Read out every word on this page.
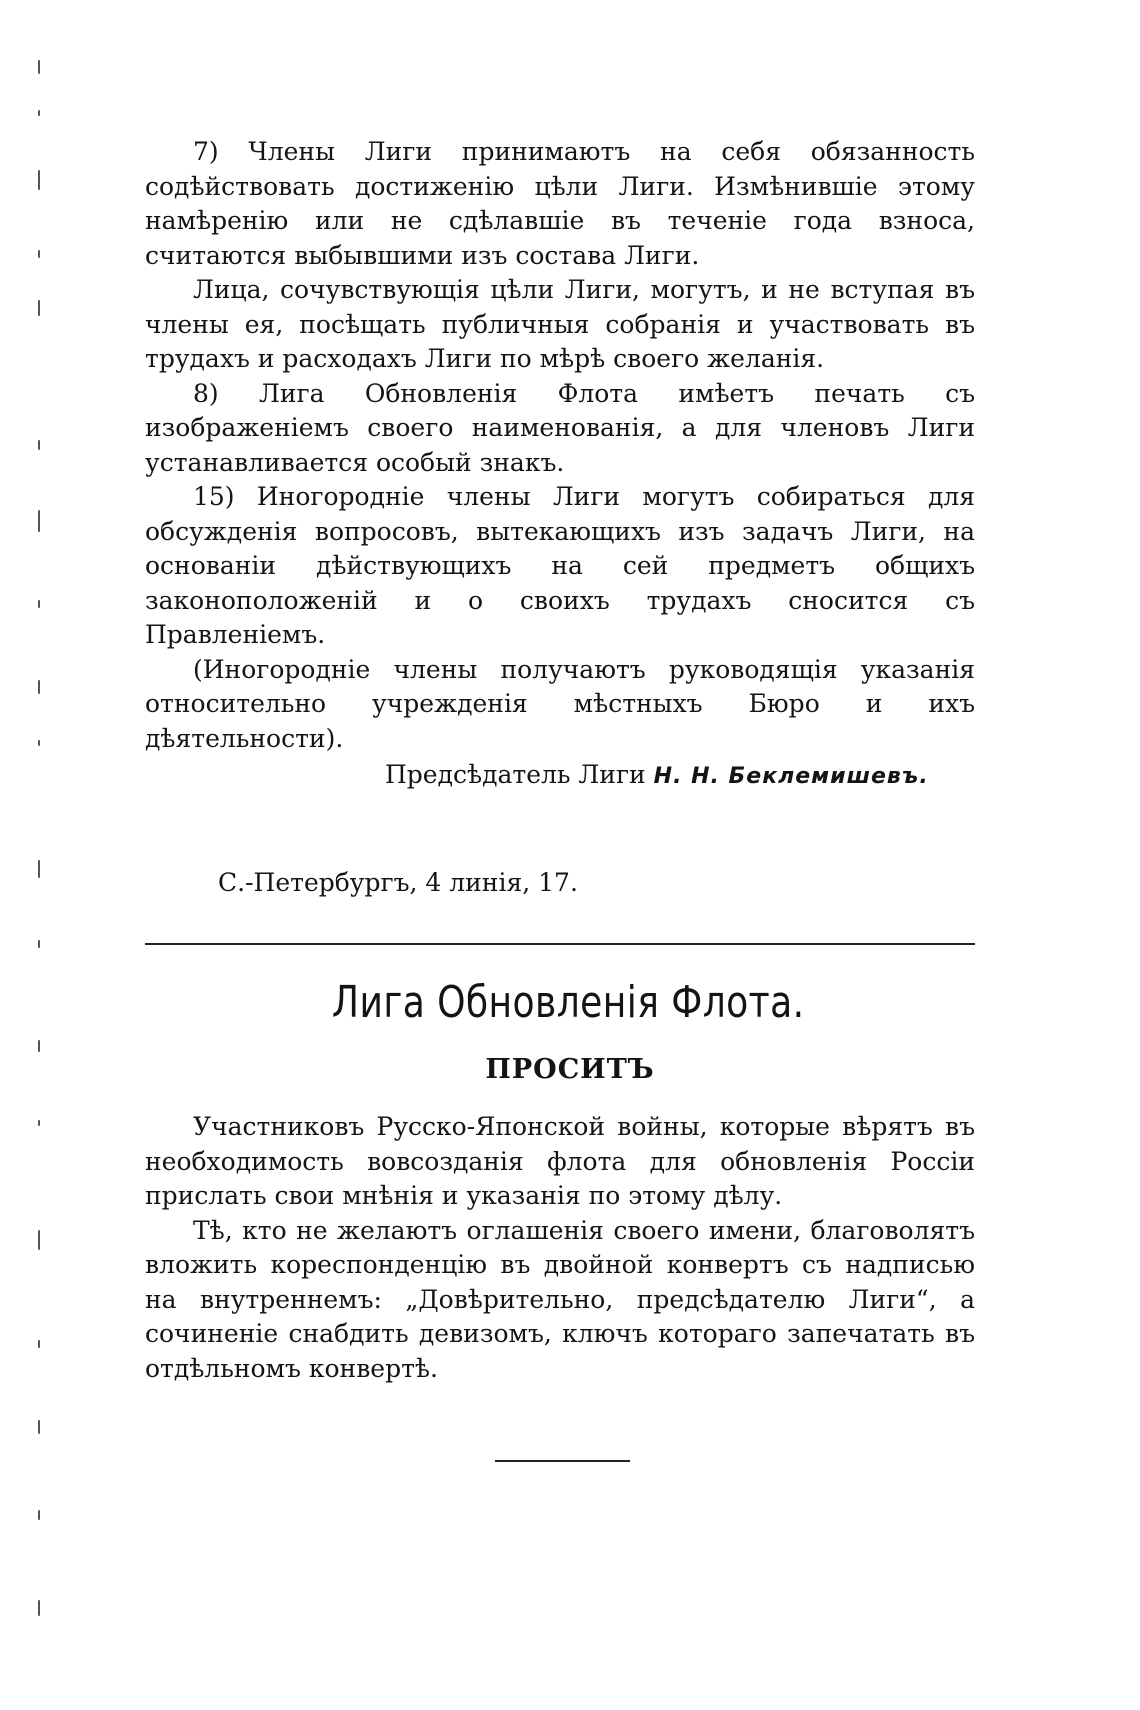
7) Члены Лиги принимаютъ на себя обязанность содѣйствовать достиженiю цѣли Лиги. Измѣнившiе этому намѣренiю или не сдѣлавшiе въ теченiе года взноса, считаются выбывшими изъ состава Лиги.

Лица, сочувствующiя цѣли Лиги, могутъ, и не вступая въ члены ея, посѣщать публичныя собранiя и участвовать въ трудахъ и расходахъ Лиги по мѣрѣ своего желанiя.

8) Лига Обновленiя Флота имѣетъ печать съ изображенiемъ своего наименованiя, а для членовъ Лиги устанавливается особый знакъ.

15) Иногороднiе члены Лиги могутъ собираться для обсужденiя вопросовъ, вытекающихъ изъ задачъ Лиги, на основанiи дѣйствующихъ на сей предметъ общихъ законоположенiй и о своихъ трудахъ сносится съ Правленiемъ.

(Иногороднiе члены получаютъ руководящiя указанiя относительно учрежденiя мѣстныхъ Бюро и ихъ дѣятельности).

Предсѣдатель Лиги Н. Н. Беклемишевъ.
С.-Петербургъ, 4 линiя, 17.
Лига Обновленiя Флота.
ПРОСИТЪ

Участниковъ Русско-Японской войны, которые вѣрятъ въ необходимость вовсозданiя флота для обновленiя Россiи прислать свои мнѣнiя и указанiя по этому дѣлу.

Тѣ, кто не желаютъ оглашенiя своего имени, благоволятъ вложить кореспонденцiю въ двойной конвертъ съ надписью на внутреннемъ: „Довѣрительно, предсѣдателю Лиги“, а сочиненiе снабдить девизомъ, ключъ котораго запечатать въ отдѣльномъ конвертѣ.
